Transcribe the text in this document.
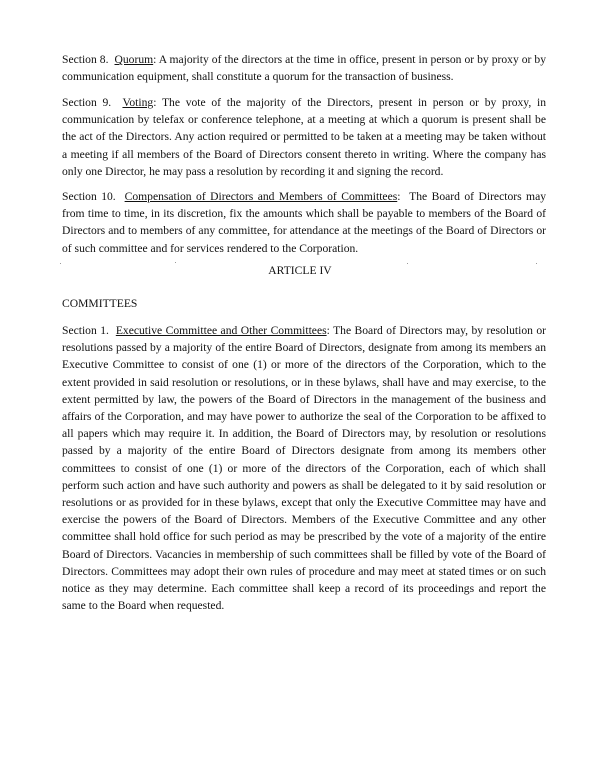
Section 8. Quorum: A majority of the directors at the time in office, present in person or by proxy or by communication equipment, shall constitute a quorum for the transaction of business.

Section 9. Voting: The vote of the majority of the Directors, present in person or by proxy, in communication by telefax or conference telephone, at a meeting at which a quorum is present shall be the act of the Directors. Any action required or permitted to be taken at a meeting may be taken without a meeting if all members of the Board of Directors consent thereto in writing. Where the company has only one Director, he may pass a resolution by recording it and signing the record.

Section 10. Compensation of Directors and Members of Committees:  The Board of Directors may from time to time, in its discretion, fix the amounts which shall be payable to members of the Board of Directors and to members of any committee, for attendance at the meetings of the Board of Directors or of such committee and for services rendered to the Corporation.

ARTICLE IV

COMMITTEES

Section 1. Executive Committee and Other Committees: The Board of Directors may, by resolution or resolutions passed by a majority of the entire Board of Directors, designate from among its members an Executive Committee to consist of one (1) or more of the directors of the Corporation, which to the extent provided in said resolution or resolutions, or in these bylaws, shall have and may exercise, to the extent permitted by law, the powers of the Board of Directors in the management of the business and affairs of the Corporation, and may have power to authorize the seal of the Corporation to be affixed to all papers which may require it. In addition, the Board of Directors may, by resolution or resolutions passed by a majority of the entire Board of Directors designate from among its members other committees to consist of one (1) or more of the directors of the Corporation, each of which shall perform such action and have such authority and powers as shall be delegated to it by said resolution or resolutions or as provided for in these bylaws, except that only the Executive Committee may have and exercise the powers of the Board of Directors. Members of the Executive Committee and any other committee shall hold office for such period as may be prescribed by the vote of a majority of the entire Board of Directors. Vacancies in membership of such committees shall be filled by vote of the Board of Directors. Committees may adopt their own rules of procedure and may meet at stated times or on such notice as they may determine. Each committee shall keep a record of its proceedings and report the same to the Board when requested.
